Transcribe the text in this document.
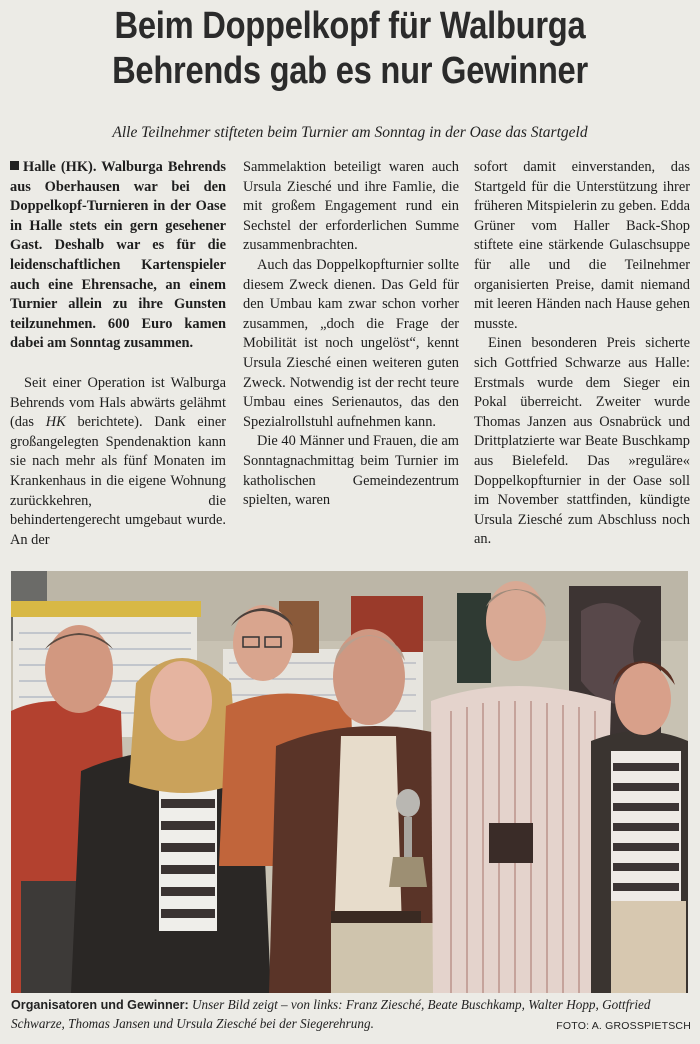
Beim Doppelkopf für Walburga
Behrends gab es nur Gewinner

Alle Teilnehmer stifteten beim Turnier am Sonntag in der Oase das Startgeld

Halle (HK). Walburga Behrends aus Oberhausen war bei den Doppelkopf-Turnieren in der Oase in Halle stets ein gern gesehener Gast. Deshalb war es für die leidenschaftlichen Kartenspieler auch eine Ehrensache, an einem Turnier allein zu ihre Gunsten teilzunehmen. 600 Euro kamen dabei am Sonntag zusammen.

Seit einer Operation ist Walburga Behrends vom Hals abwärts gelähmt (das HK berichtete). Dank einer großangelegten Spendenaktion kann sie nach mehr als fünf Monaten im Krankenhaus in die eigene Wohnung zurückkehren, die behindertengerecht umgebaut wurde. An der

Sammelaktion beteiligt waren auch Ursula Ziesché und ihre Famlie, die mit großem Engagement rund ein Sechstel der erforderlichen Summe zusammenbrachten.

Auch das Doppelkopfturnier sollte diesem Zweck dienen. Das Geld für den Umbau kam zwar schon vorher zusammen, „doch die Frage der Mobilität ist noch ungelöst“, kennt Ursula Ziesché einen weiteren guten Zweck. Notwendig ist der recht teure Umbau eines Serienautos, das den Spezialrollstuhl aufnehmen kann.

Die 40 Männer und Frauen, die am Sonntagnachmittag beim Turnier im katholischen Gemeindezentrum spielten, waren

sofort damit einverstanden, das Startgeld für die Unterstützung ihrer früheren Mitspielerin zu geben. Edda Grüner vom Haller Back-Shop stiftete eine stärkende Gulaschsuppe für alle und die Teilnehmer organisierten Preise, damit niemand mit leeren Händen nach Hause gehen musste.

Einen besonderen Preis sicherte sich Gottfried Schwarze aus Halle: Erstmals wurde dem Sieger ein Pokal überreicht. Zweiter wurde Thomas Janzen aus Osnabrück und Drittplatzierte war Beate Buschkamp aus Bielefeld. Das »reguläre« Doppelkopfturnier in der Oase soll im November stattfinden, kündigte Ursula Ziesché zum Abschluss noch an.

Organisatoren und Gewinner: Unser Bild zeigt – von links: Franz Ziesché, Beate Buschkamp, Walter Hopp, Gottfried Schwarze, Thomas Jansen und Ursula Ziesché bei der Siegerehrung.	FOTO: A. GROSSPIETSCH
